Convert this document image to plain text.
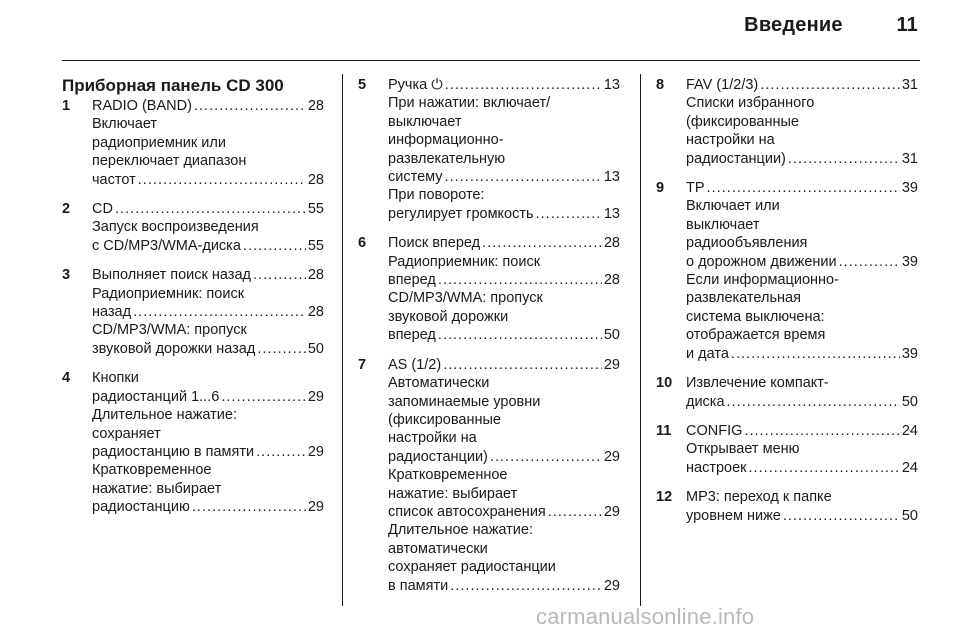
Введение	11
Приборная панель CD 300
1	RADIO (BAND) . . .	28
Включает
радиоприемник или
переключает диапазон
частот . . .	28
2	CD . . .	55
Запуск воспроизведения
с CD/MP3/WMA-диска . . .	55
3	Выполняет поиск назад . . .	28
Радиоприемник: поиск
назад . . .	28
CD/MP3/WMA: пропуск
звуковой дорожки назад . . .	50
4	Кнопки
радиостанций 1...6 . . .	29
Длительное нажатие:
сохраняет
радиостанцию в памяти . . .	29
Кратковременное
нажатие: выбирает
радиостанцию . . .	29
5	Ручка ⏻ . . .	13
При нажатии: включает/
выключает
информационно-
развлекательную
систему . . .	13
При повороте:
регулирует громкость . . .	13
6	Поиск вперед . . .	28
Радиоприемник: поиск
вперед . . .	28
CD/MP3/WMA: пропуск
звуковой дорожки
вперед . . .	50
7	AS (1/2) . . .	29
Автоматически
запоминаемые уровни
(фиксированные
настройки на
радиостанции) . . .	29
Кратковременное
нажатие: выбирает
список автосохранения . . .	29
Длительное нажатие:
автоматически
сохраняет радиостанции
в памяти . . .	29
8	FAV (1/2/3) . . .	31
Списки избранного
(фиксированные
настройки на
радиостанции) . . .	31
9	TP . . .	39
Включает или
выключает
радиообъявления
о дорожном движении . . .	39
Если информационно-
развлекательная
система выключена:
отображается время
и дата . . .	39
10 Извлечение компакт-
диска . . .	50
11	CONFIG . . .	24
Открывает меню
настроек . . .	24
12 MP3: переход к папке
уровнем ниже . . .	50
carmanualsonline.info
